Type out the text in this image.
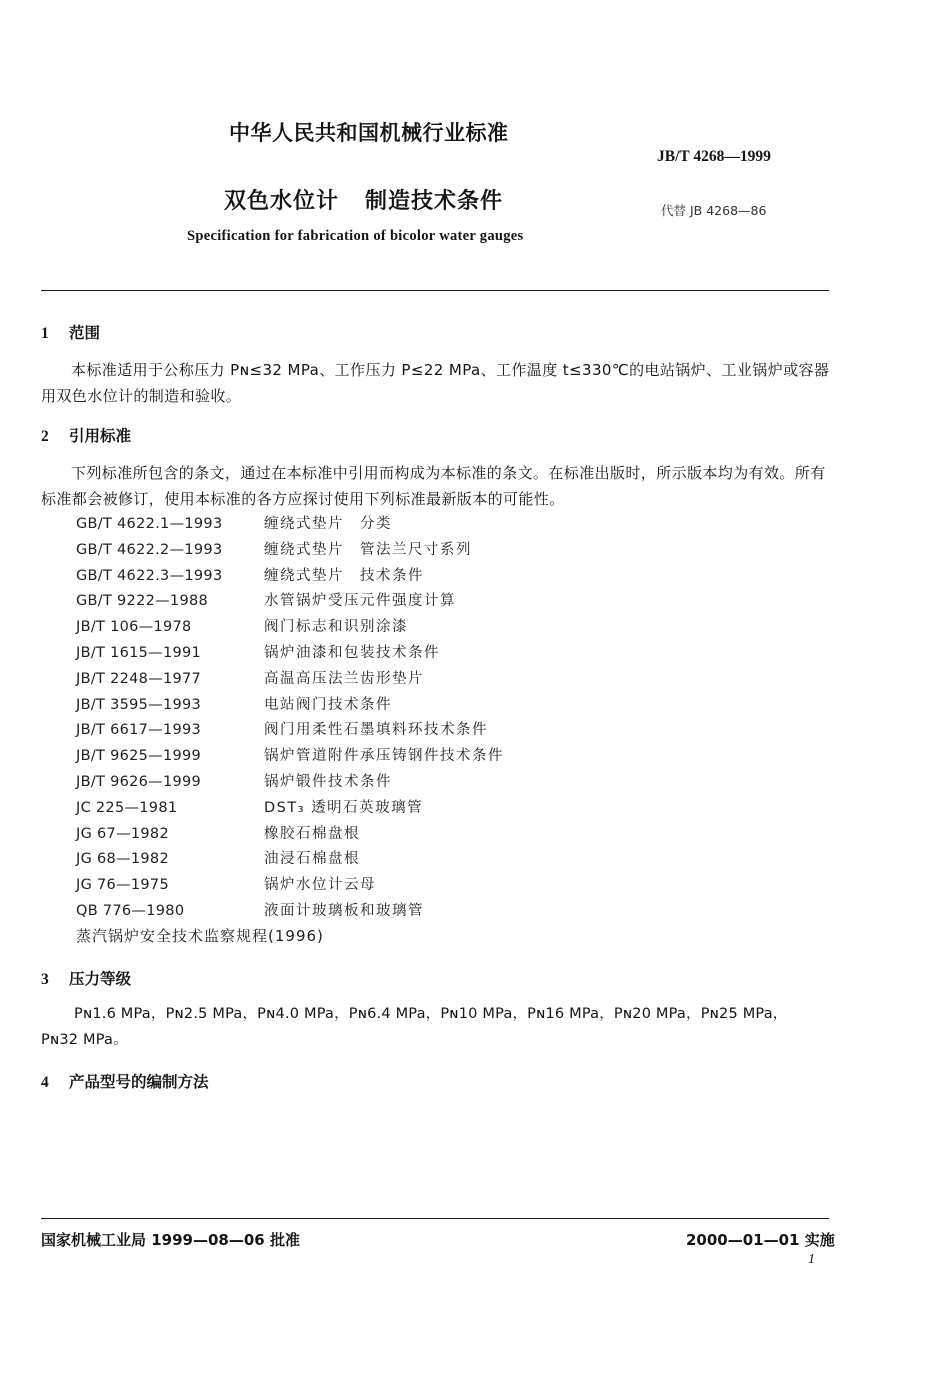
中华人民共和国机械行业标准
JB/T 4268—1999
双色水位计 制造技术条件	代替 JB 4268—86
Specification for fabrication of bicolor water gauges
1 范围
本标准适用于公称压力 Pɴ≤32 MPa、工作压力 P≤22 MPa、工作温度 t≤330℃的电站锅炉、工业锅炉或容器用双色水位计的制造和验收。
2 引用标准
下列标准所包含的条文，通过在本标准中引用而构成为本标准的条文。在标准出版时，所示版本均为有效。所有标准都会被修订，使用本标准的各方应探讨使用下列标准最新版本的可能性。
GB/T 4622.1—1993	缠绕式垫片　分类
GB/T 4622.2—1993	缠绕式垫片　管法兰尺寸系列
GB/T 4622.3—1993	缠绕式垫片　技术条件
GB/T 9222—1988	水管锅炉受压元件强度计算
JB/T 106—1978	阀门标志和识别涂漆
JB/T 1615—1991	锅炉油漆和包装技术条件
JB/T 2248—1977	高温高压法兰齿形垫片
JB/T 3595—1993	电站阀门技术条件
JB/T 6617—1993	阀门用柔性石墨填料环技术条件
JB/T 9625—1999	锅炉管道附件承压铸钢件技术条件
JB/T 9626—1999	锅炉锻件技术条件
JC 225—1981	DST₃ 透明石英玻璃管
JG 67—1982	橡胶石棉盘根
JG 68—1982	油浸石棉盘根
JG 76—1975	锅炉水位计云母
QB 776—1980	液面计玻璃板和玻璃管
蒸汽锅炉安全技术监察规程(1996)
3 压力等级
Pɴ1.6 MPa，Pɴ2.5 MPa，Pɴ4.0 MPa，Pɴ6.4 MPa，Pɴ10 MPa，Pɴ16 MPa，Pɴ20 MPa，Pɴ25 MPa，
Pɴ32 MPa。
4 产品型号的编制方法
国家机械工业局 1999—08—06 批准	2000—01—01 实施
1
